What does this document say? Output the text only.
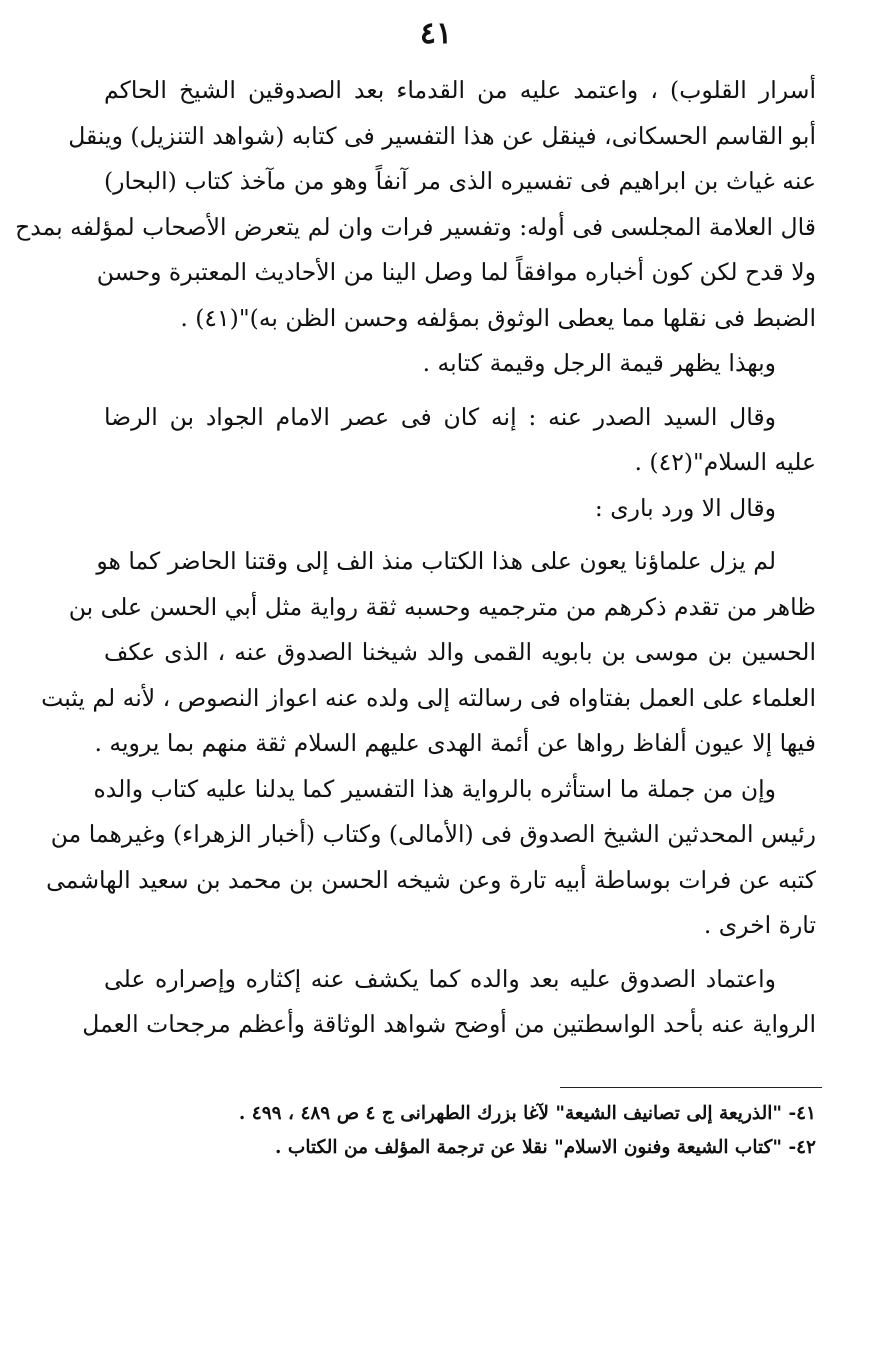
٤١
أسرار القلوب) ، واعتمد عليه من القدماء بعد الصدوقين الشيخ الحاكم
أبو القاسم الحسكانى، فينقل عن هذا التفسير فى كتابه (شواهد التنزيل) وينقل
عنه غياث بن ابراهيم فى تفسيره الذى مر آنفاً وهو من مآخذ كتاب (البحار)
قال العلامة المجلسى فى أوله: وتفسير فرات وان لم يتعرض الأصحاب لمؤلفه بمدح
ولا قدح لكن كون أخباره موافقاً لما وصل الينا من الأحاديث المعتبرة وحسن
الضبط فى نقلها مما يعطى الوثوق بمؤلفه وحسن الظن به)"(٤١) .
وبهذا يظهر قيمة الرجل وقيمة كتابه .
وقال السيد الصدر عنه : إنه كان فى عصر الامام الجواد بن الرضا
عليه السلام"(٤٢) .
وقال الا ورد بارى :
لم يزل علماؤنا يعون على هذا الكتاب منذ الف إلى وقتنا الحاضر كما هو
ظاهر من تقدم ذكرهم من مترجميه وحسبه ثقة رواية مثل أبي الحسن على بن
الحسين بن موسى بن بابويه القمى والد شيخنا الصدوق عنه ، الذى عكف
العلماء على العمل بفتاواه فى رسالته إلى ولده عنه اعواز النصوص ، لأنه لم يثبت
فيها إلا عيون ألفاظ رواها عن أئمة الهدى عليهم السلام ثقة منهم بما يرويه .
وإن من جملة ما استأثره بالرواية هذا التفسير كما يدلنا عليه كتاب والده
رئيس المحدثين الشيخ الصدوق فى (الأمالى) وكتاب (أخبار الزهراء) وغيرهما من
كتبه عن فرات بوساطة أبيه تارة وعن شيخه الحسن بن محمد بن سعيد الهاشمى
تارة اخرى .
واعتماد الصدوق عليه بعد والده كما يكشف عنه إكثاره وإصراره على
الرواية عنه بأحد الواسطتين من أوضح شواهد الوثاقة وأعظم مرجحات العمل
٤١- "الذريعة إلى تصانيف الشيعة" لآغا بزرك الطهرانى ج ٤ ص ٤٨٩ ، ٤٩٩ .
٤٢- "كتاب الشيعة وفنون الاسلام" نقلا عن ترجمة المؤلف من الكتاب .
